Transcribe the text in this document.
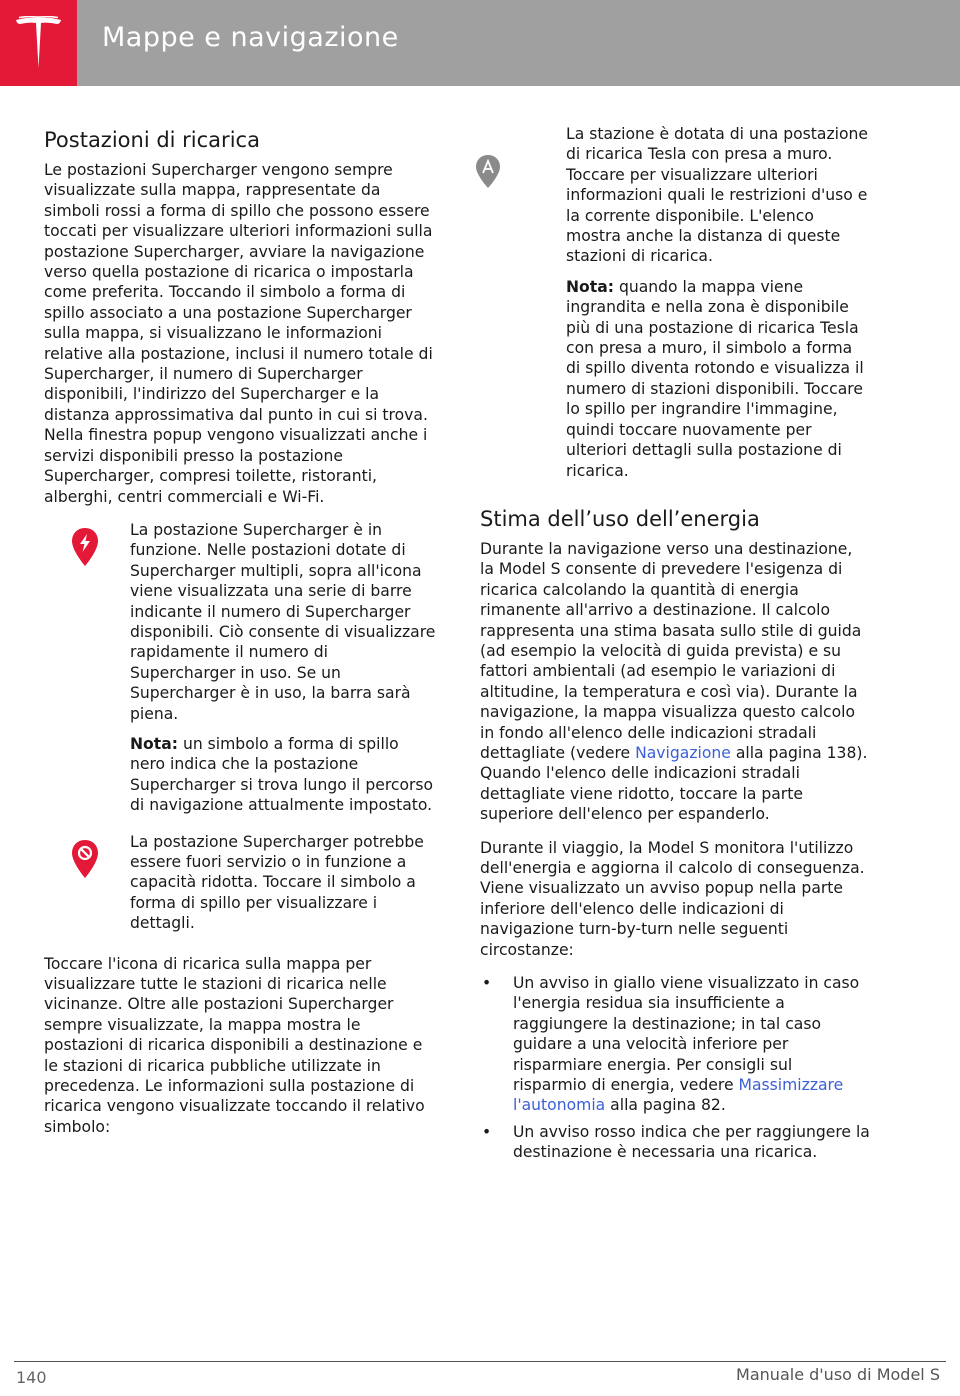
Mappe e navigazione
Postazioni di ricarica

Le postazioni Supercharger vengono sempre visualizzate sulla mappa, rappresentate da simboli rossi a forma di spillo che possono essere toccati per visualizzare ulteriori informazioni sulla postazione Supercharger, avviare la navigazione verso quella postazione di ricarica o impostarla come preferita. Toccando il simbolo a forma di spillo associato a una postazione Supercharger sulla mappa, si visualizzano le informazioni relative alla postazione, inclusi il numero totale di Supercharger, il numero di Supercharger disponibili, l'indirizzo del Supercharger e la distanza approssimativa dal punto in cui si trova. Nella finestra popup vengono visualizzati anche i servizi disponibili presso la postazione Supercharger, compresi toilette, ristoranti, alberghi, centri commerciali e Wi-Fi.

La postazione Supercharger è in funzione. Nelle postazioni dotate di Supercharger multipli, sopra all'icona viene visualizzata una serie di barre indicante il numero di Supercharger disponibili. Ciò consente di visualizzare rapidamente il numero di Supercharger in uso. Se un Supercharger è in uso, la barra sarà piena.

Nota: un simbolo a forma di spillo nero indica che la postazione Supercharger si trova lungo il percorso di navigazione attualmente impostato.

La postazione Supercharger potrebbe essere fuori servizio o in funzione a capacità ridotta. Toccare il simbolo a forma di spillo per visualizzare i dettagli.

Toccare l'icona di ricarica sulla mappa per visualizzare tutte le stazioni di ricarica nelle vicinanze. Oltre alle postazioni Supercharger sempre visualizzate, la mappa mostra le postazioni di ricarica disponibili a destinazione e le stazioni di ricarica pubbliche utilizzate in precedenza. Le informazioni sulla postazione di ricarica vengono visualizzate toccando il relativo simbolo:

La stazione è dotata di una postazione di ricarica Tesla con presa a muro. Toccare per visualizzare ulteriori informazioni quali le restrizioni d'uso e la corrente disponibile. L'elenco mostra anche la distanza di queste stazioni di ricarica.

Nota: quando la mappa viene ingrandita e nella zona è disponibile più di una postazione di ricarica Tesla con presa a muro, il simbolo a forma di spillo diventa rotondo e visualizza il numero di stazioni disponibili. Toccare lo spillo per ingrandire l'immagine, quindi toccare nuovamente per ulteriori dettagli sulla postazione di ricarica.

Stima dell’uso dell’energia

Durante la navigazione verso una destinazione, la Model S consente di prevedere l'esigenza di ricarica calcolando la quantità di energia rimanente all'arrivo a destinazione. Il calcolo rappresenta una stima basata sullo stile di guida (ad esempio la velocità di guida prevista) e su fattori ambientali (ad esempio le variazioni di altitudine, la temperatura e così via). Durante la navigazione, la mappa visualizza questo calcolo in fondo all'elenco delle indicazioni stradali dettagliate (vedere Navigazione alla pagina 138). Quando l'elenco delle indicazioni stradali dettagliate viene ridotto, toccare la parte superiore dell'elenco per espanderlo.

Durante il viaggio, la Model S monitora l'utilizzo dell'energia e aggiorna il calcolo di conseguenza. Viene visualizzato un avviso popup nella parte inferiore dell'elenco delle indicazioni di navigazione turn-by-turn nelle seguenti circostanze:

• Un avviso in giallo viene visualizzato in caso l'energia residua sia insufficiente a raggiungere la destinazione; in tal caso guidare a una velocità inferiore per risparmiare energia. Per consigli sul risparmio di energia, vedere Massimizzare l'autonomia alla pagina 82.
• Un avviso rosso indica che per raggiungere la destinazione è necessaria una ricarica.
140	Manuale d'uso di Model S
